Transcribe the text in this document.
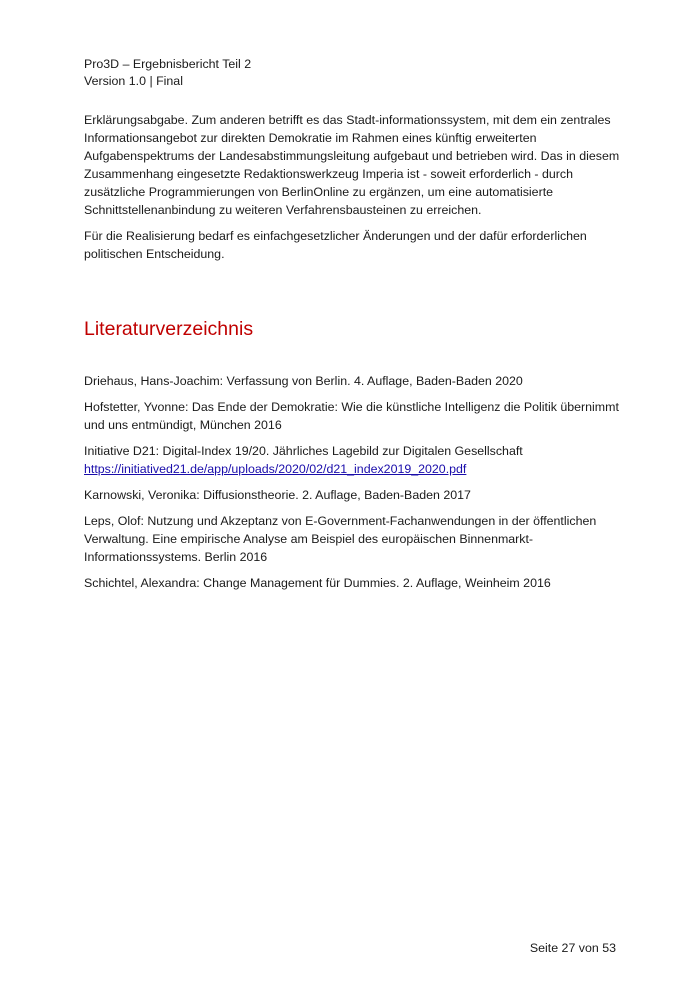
Pro3D – Ergebnisbericht Teil 2
Version 1.0 | Final

Erklärungsabgabe. Zum anderen betrifft es das Stadt-informationssystem, mit dem ein zentrales Informationsangebot zur direkten Demokratie im Rahmen eines künftig erweiterten Aufgabenspektrums der Landesabstimmungsleitung aufgebaut und betrieben wird. Das in diesem Zusammenhang eingesetzte Redaktionswerkzeug Imperia ist - soweit erforderlich - durch zusätzliche Programmierungen von BerlinOnline zu ergänzen, um eine automatisierte Schnittstellenanbindung zu weiteren Verfahrensbausteinen zu erreichen.

Für die Realisierung bedarf es einfachgesetzlicher Änderungen und der dafür erforderlichen politischen Entscheidung.

Literaturverzeichnis

Driehaus, Hans-Joachim: Verfassung von Berlin. 4. Auflage, Baden-Baden 2020

Hofstetter, Yvonne: Das Ende der Demokratie: Wie die künstliche Intelligenz die Politik übernimmt und uns entmündigt, München 2016

Initiative D21: Digital-Index 19/20. Jährliches Lagebild zur Digitalen Gesellschaft
https://initiatived21.de/app/uploads/2020/02/d21_index2019_2020.pdf

Karnowski, Veronika: Diffusionstheorie. 2. Auflage, Baden-Baden 2017

Leps, Olof: Nutzung und Akzeptanz von E-Government-Fachanwendungen in der öffentlichen Verwaltung. Eine empirische Analyse am Beispiel des europäischen Binnenmarkt-Informationssystems. Berlin 2016

Schichtel, Alexandra: Change Management für Dummies. 2. Auflage, Weinheim 2016

Seite 27 von 53
